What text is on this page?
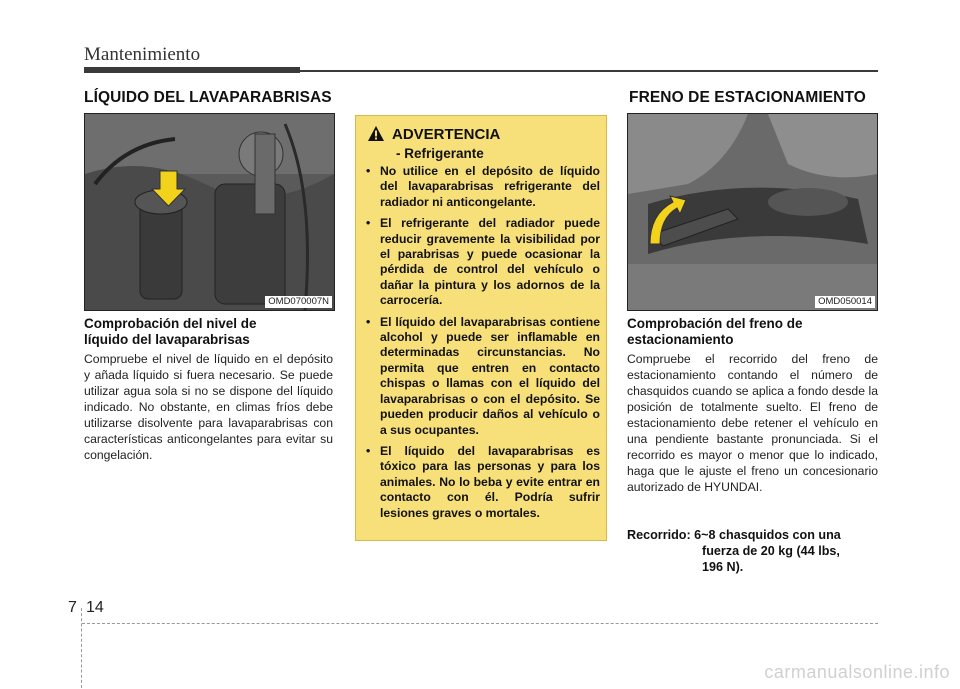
Mantenimiento
LÍQUIDO DEL LAVAPARABRISAS
OMD070007N
Comprobación del nivel de
líquido del lavaparabrisas
Compruebe el nivel de líquido en el depósito y añada líquido si fuera necesario. Se puede utilizar agua sola si no se dispone del líquido indicado. No obstante, en climas fríos debe utilizarse disolvente para lavaparabrisas con características anticongelantes para evitar su congelación.
ADVERTENCIA
- Refrigerante
• No utilice en el depósito de líquido del lavaparabrisas refrigerante del radiador ni anticongelante.
• El refrigerante del radiador puede reducir gravemente la visibilidad por el parabrisas y puede ocasionar la pérdida de control del vehículo o dañar la pintura y los adornos de la carrocería.
• El líquido del lavaparabrisas contiene alcohol y puede ser inflamable en determinadas circunstancias. No permita que entren en contacto chispas o llamas con el líquido del lavaparabrisas o con el depósito. Se pueden producir daños al vehículo o a sus ocupantes.
• El líquido del lavaparabrisas es tóxico para las personas y para los animales. No lo beba y evite entrar en contacto con él. Podría sufrir lesiones graves o mortales.
FRENO DE ESTACIONAMIENTO
OMD050014
Comprobación del freno de
estacionamiento
Compruebe el recorrido del freno de estacionamiento contando el número de chasquidos cuando se aplica a fondo desde la posición de totalmente suelto. El freno de estacionamiento debe retener el vehículo en una pendiente bastante pronunciada. Si el recorrido es mayor o menor que lo indicado, haga que le ajuste el freno un concesionario autorizado de HYUNDAI.
Recorrido: 6~8 chasquidos con una
fuerza de 20 kg (44 lbs,
196 N).
7 14
carmanualsonline.info
